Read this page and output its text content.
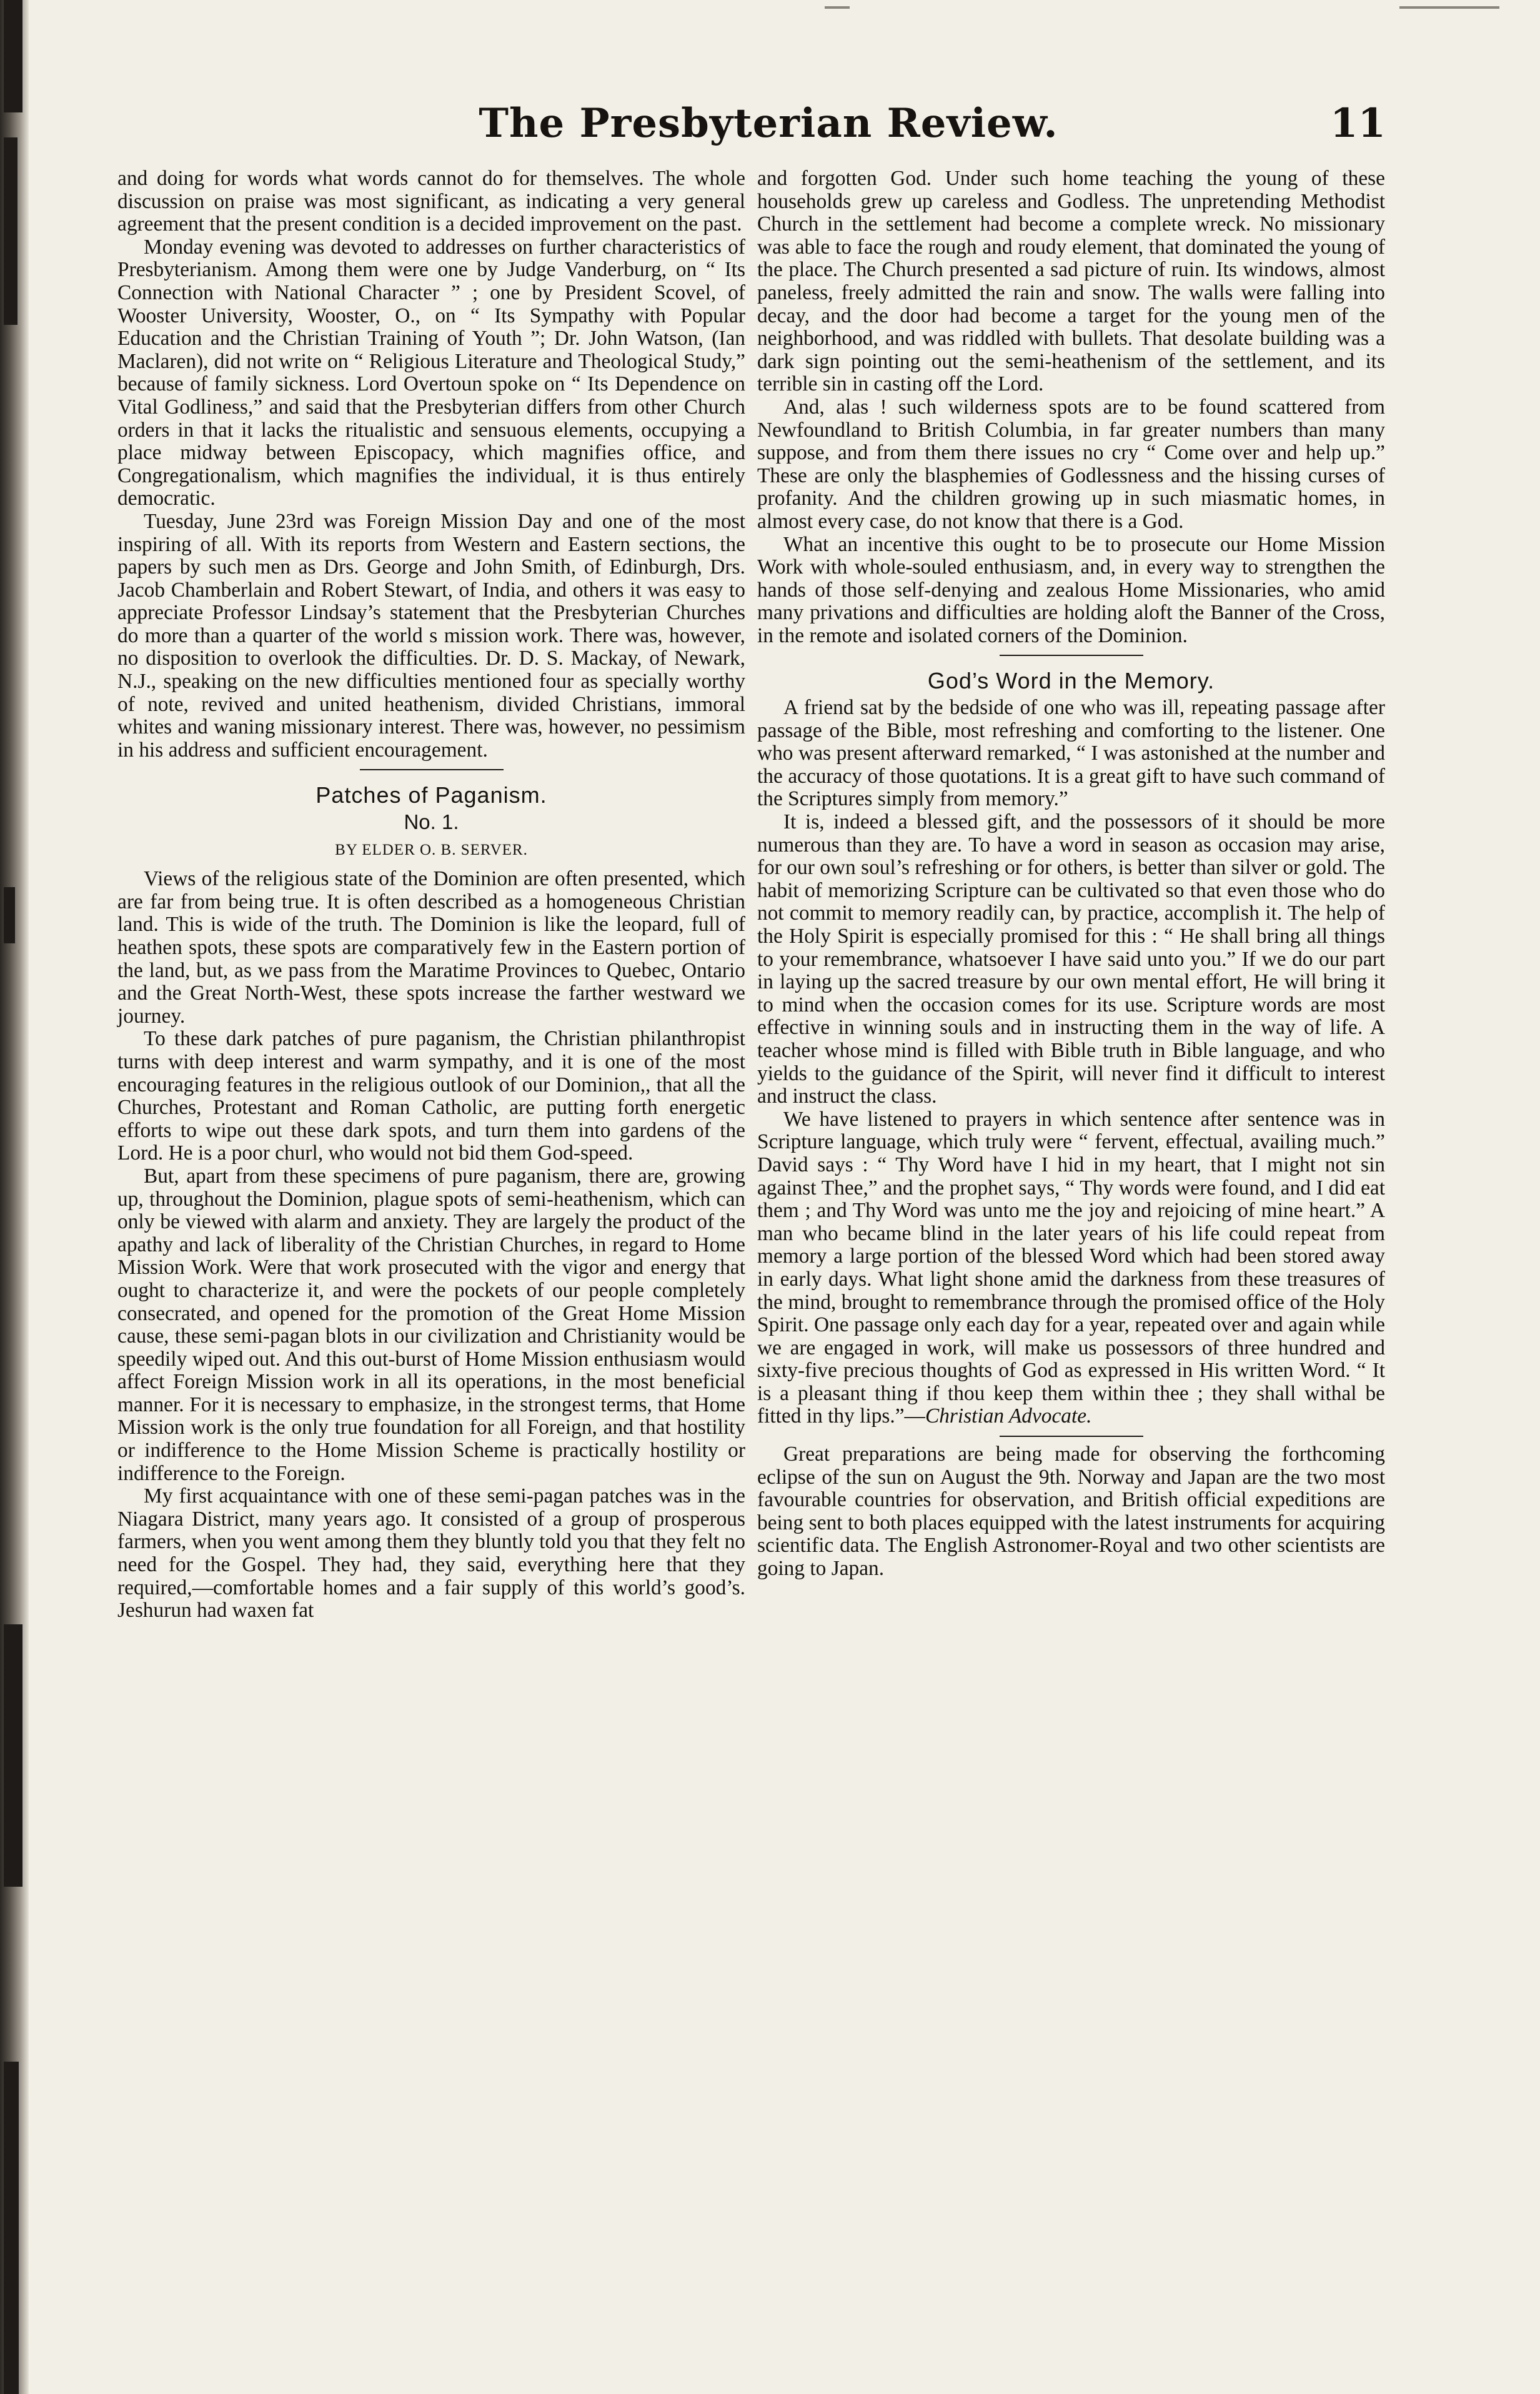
The Presbyterian Review.	11

and doing for words what words cannot do for themselves. The whole discussion on praise was most significant, as indicating a very general agreement that the present condition is a decided improvement on the past.

Monday evening was devoted to addresses on further characteristics of Presbyterianism. Among them were one by Judge Vanderburg, on “ Its Connection with National Character ” ; one by President Scovel, of Wooster University, Wooster, O., on “ Its Sympathy with Popular Education and the Christian Training of Youth ”; Dr. John Watson, (Ian Maclaren), did not write on “ Religious Literature and Theological Study,” because of family sickness. Lord Overtoun spoke on “ Its Dependence on Vital Godliness,” and said that the Presbyterian differs from other Church orders in that it lacks the ritualistic and sensuous elements, occupying a place midway between Episcopacy, which magnifies office, and Congregationalism, which magnifies the individual, it is thus entirely democratic.

Tuesday, June 23rd was Foreign Mission Day and one of the most inspiring of all. With its reports from Western and Eastern sections, the papers by such men as Drs. George and John Smith, of Edinburgh, Drs. Jacob Chamberlain and Robert Stewart, of India, and others it was easy to appreciate Professor Lindsay’s statement that the Presbyterian Churches do more than a quarter of the world s mission work. There was, however, no disposition to overlook the difficulties. Dr. D. S. Mackay, of Newark, N.J., speaking on the new difficulties mentioned four as specially worthy of note, revived and united heathenism, divided Christians, immoral whites and waning missionary interest. There was, however, no pessimism in his address and sufficient encouragement.

Patches of Paganism.
No. 1.
BY ELDER O. B. SERVER.

Views of the religious state of the Dominion are often presented, which are far from being true. It is often described as a homogeneous Christian land. This is wide of the truth. The Dominion is like the leopard, full of heathen spots, these spots are comparatively few in the Eastern portion of the land, but, as we pass from the Maratime Provinces to Quebec, Ontario and the Great North-West, these spots increase the farther westward we journey.

To these dark patches of pure paganism, the Christian philanthropist turns with deep interest and warm sympathy, and it is one of the most encouraging features in the religious outlook of our Dominion,, that all the Churches, Protestant and Roman Catholic, are putting forth energetic efforts to wipe out these dark spots, and turn them into gardens of the Lord. He is a poor churl, who would not bid them God-speed.

But, apart from these specimens of pure paganism, there are, growing up, throughout the Dominion, plague spots of semi-heathenism, which can only be viewed with alarm and anxiety. They are largely the product of the apathy and lack of liberality of the Christian Churches, in regard to Home Mission Work. Were that work prosecuted with the vigor and energy that ought to characterize it, and were the pockets of our people completely consecrated, and opened for the promotion of the Great Home Mission cause, these semi-pagan blots in our civilization and Christianity would be speedily wiped out. And this out-burst of Home Mission enthusiasm would affect Foreign Mission work in all its operations, in the most beneficial manner. For it is necessary to emphasize, in the strongest terms, that Home Mission work is the only true foundation for all Foreign, and that hostility or indifference to the Home Mission Scheme is practically hostility or indifference to the Foreign.

My first acquaintance with one of these semi-pagan patches was in the Niagara District, many years ago. It consisted of a group of prosperous farmers, when you went among them they bluntly told you that they felt no need for the Gospel. They had, they said, everything here that they required,—comfortable homes and a fair supply of this world’s good’s. Jeshurun had waxen fat

and forgotten God. Under such home teaching the young of these households grew up careless and Godless. The unpretending Methodist Church in the settlement had become a complete wreck. No missionary was able to face the rough and roudy element, that dominated the young of the place. The Church presented a sad picture of ruin. Its windows, almost paneless, freely admitted the rain and snow. The walls were falling into decay, and the door had become a target for the young men of the neighborhood, and was riddled with bullets. That desolate building was a dark sign pointing out the semi-heathenism of the settlement, and its terrible sin in casting off the Lord.

And, alas ! such wilderness spots are to be found scattered from Newfoundland to British Columbia, in far greater numbers than many suppose, and from them there issues no cry “ Come over and help up.” These are only the blasphemies of Godlessness and the hissing curses of profanity. And the children growing up in such miasmatic homes, in almost every case, do not know that there is a God.

What an incentive this ought to be to prosecute our Home Mission Work with whole-souled enthusiasm, and, in every way to strengthen the hands of those self-denying and zealous Home Missionaries, who amid many privations and difficulties are holding aloft the Banner of the Cross, in the remote and isolated corners of the Dominion.

God’s Word in the Memory.

A friend sat by the bedside of one who was ill, repeating passage after passage of the Bible, most refreshing and comforting to the listener. One who was present afterward remarked, “ I was astonished at the number and the accuracy of those quotations. It is a great gift to have such command of the Scriptures simply from memory.”

It is, indeed a blessed gift, and the possessors of it should be more numerous than they are. To have a word in season as occasion may arise, for our own soul’s refreshing or for others, is better than silver or gold. The habit of memorizing Scripture can be cultivated so that even those who do not commit to memory readily can, by practice, accomplish it. The help of the Holy Spirit is especially promised for this : “ He shall bring all things to your remembrance, whatsoever I have said unto you.” If we do our part in laying up the sacred treasure by our own mental effort, He will bring it to mind when the occasion comes for its use. Scripture words are most effective in winning souls and in instructing them in the way of life. A teacher whose mind is filled with Bible truth in Bible language, and who yields to the guidance of the Spirit, will never find it difficult to interest and instruct the class.

We have listened to prayers in which sentence after sentence was in Scripture language, which truly were “ fervent, effectual, availing much.” David says : “ Thy Word have I hid in my heart, that I might not sin against Thee,” and the prophet says, “ Thy words were found, and I did eat them ; and Thy Word was unto me the joy and rejoicing of mine heart.” A man who became blind in the later years of his life could repeat from memory a large portion of the blessed Word which had been stored away in early days. What light shone amid the darkness from these treasures of the mind, brought to remembrance through the promised office of the Holy Spirit. One passage only each day for a year, repeated over and again while we are engaged in work, will make us possessors of three hundred and sixty-five precious thoughts of God as expressed in His written Word. “ It is a pleasant thing if thou keep them within thee ; they shall withal be fitted in thy lips.”—Christian Advocate.

Great preparations are being made for observing the forthcoming eclipse of the sun on August the 9th. Norway and Japan are the two most favourable countries for observation, and British official expeditions are being sent to both places equipped with the latest instruments for acquiring scientific data. The English Astronomer-Royal and two other scientists are going to Japan.
